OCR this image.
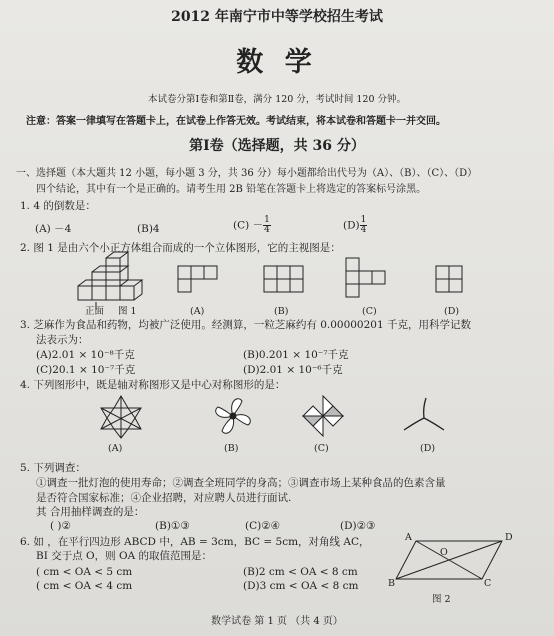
2012 年南宁市中等学校招生考试
数 学
本试卷分第Ⅰ卷和第Ⅱ卷，满分 120 分，考试时间 120 分钟。
注意：答案一律填写在答题卡上，在试卷上作答无效。考试结束，将本试卷和答题卡一并交回。
第Ⅰ卷（选择题，共 36 分）
一、选择题（本大题共 12 小题，每小题 3 分，共 36 分）每小题都给出代号为（A）、（B）、（C）、（D）
四个结论，其中有一个是正确的。请考生用 2B 铅笔在答题卡上将选定的答案标号涂黑。
1. 4 的倒数是：
(A) －4	(B)4	$(C) - \frac{1}{4}$	$(D) \frac{1}{4}$
2. 图 1 是由六个小正方体组合而成的一个立体图形，它的主视图是：
正面 图 1	(A)	(B)	(C)	(D)
3. 芝麻作为食品和药物，均被广泛使用。经测算，一粒芝麻约有 0.00000201 千克，用科学记数
法表示为：
(A)2.01 × 10⁻⁸千克	(B)0.201 × 10⁻⁷千克
(C)20.1 × 10⁻⁷千克	(D)2.01 × 10⁻⁶千克
4. 下列图形中，既是轴对称图形又是中心对称图形的是：
(A)	(B)	(C)	(D)
5. 下列调查：
①调查一批灯泡的使用寿命；②调查全班同学的身高；③调查市场上某种食品的色素含量
是否符合国家标准；④企业招聘，对应聘人员进行面试.
其 合用抽样调查的是：
( )②	(B)①③	(C)②④	(D)②③
6. 如 ，在平行四边形 ABCD 中，AB = 3cm，BC = 5cm，对角线 AC，
BI 交于点 O，则 OA 的取值范围是：
( cm < OA < 5 cm	(B)2 cm < OA < 8 cm
( cm < OA < 4 cm	(D)3 cm < OA < 8 cm
A	D
O
B	C
图 2
数学试卷 第 1 页 （共 4 页）
